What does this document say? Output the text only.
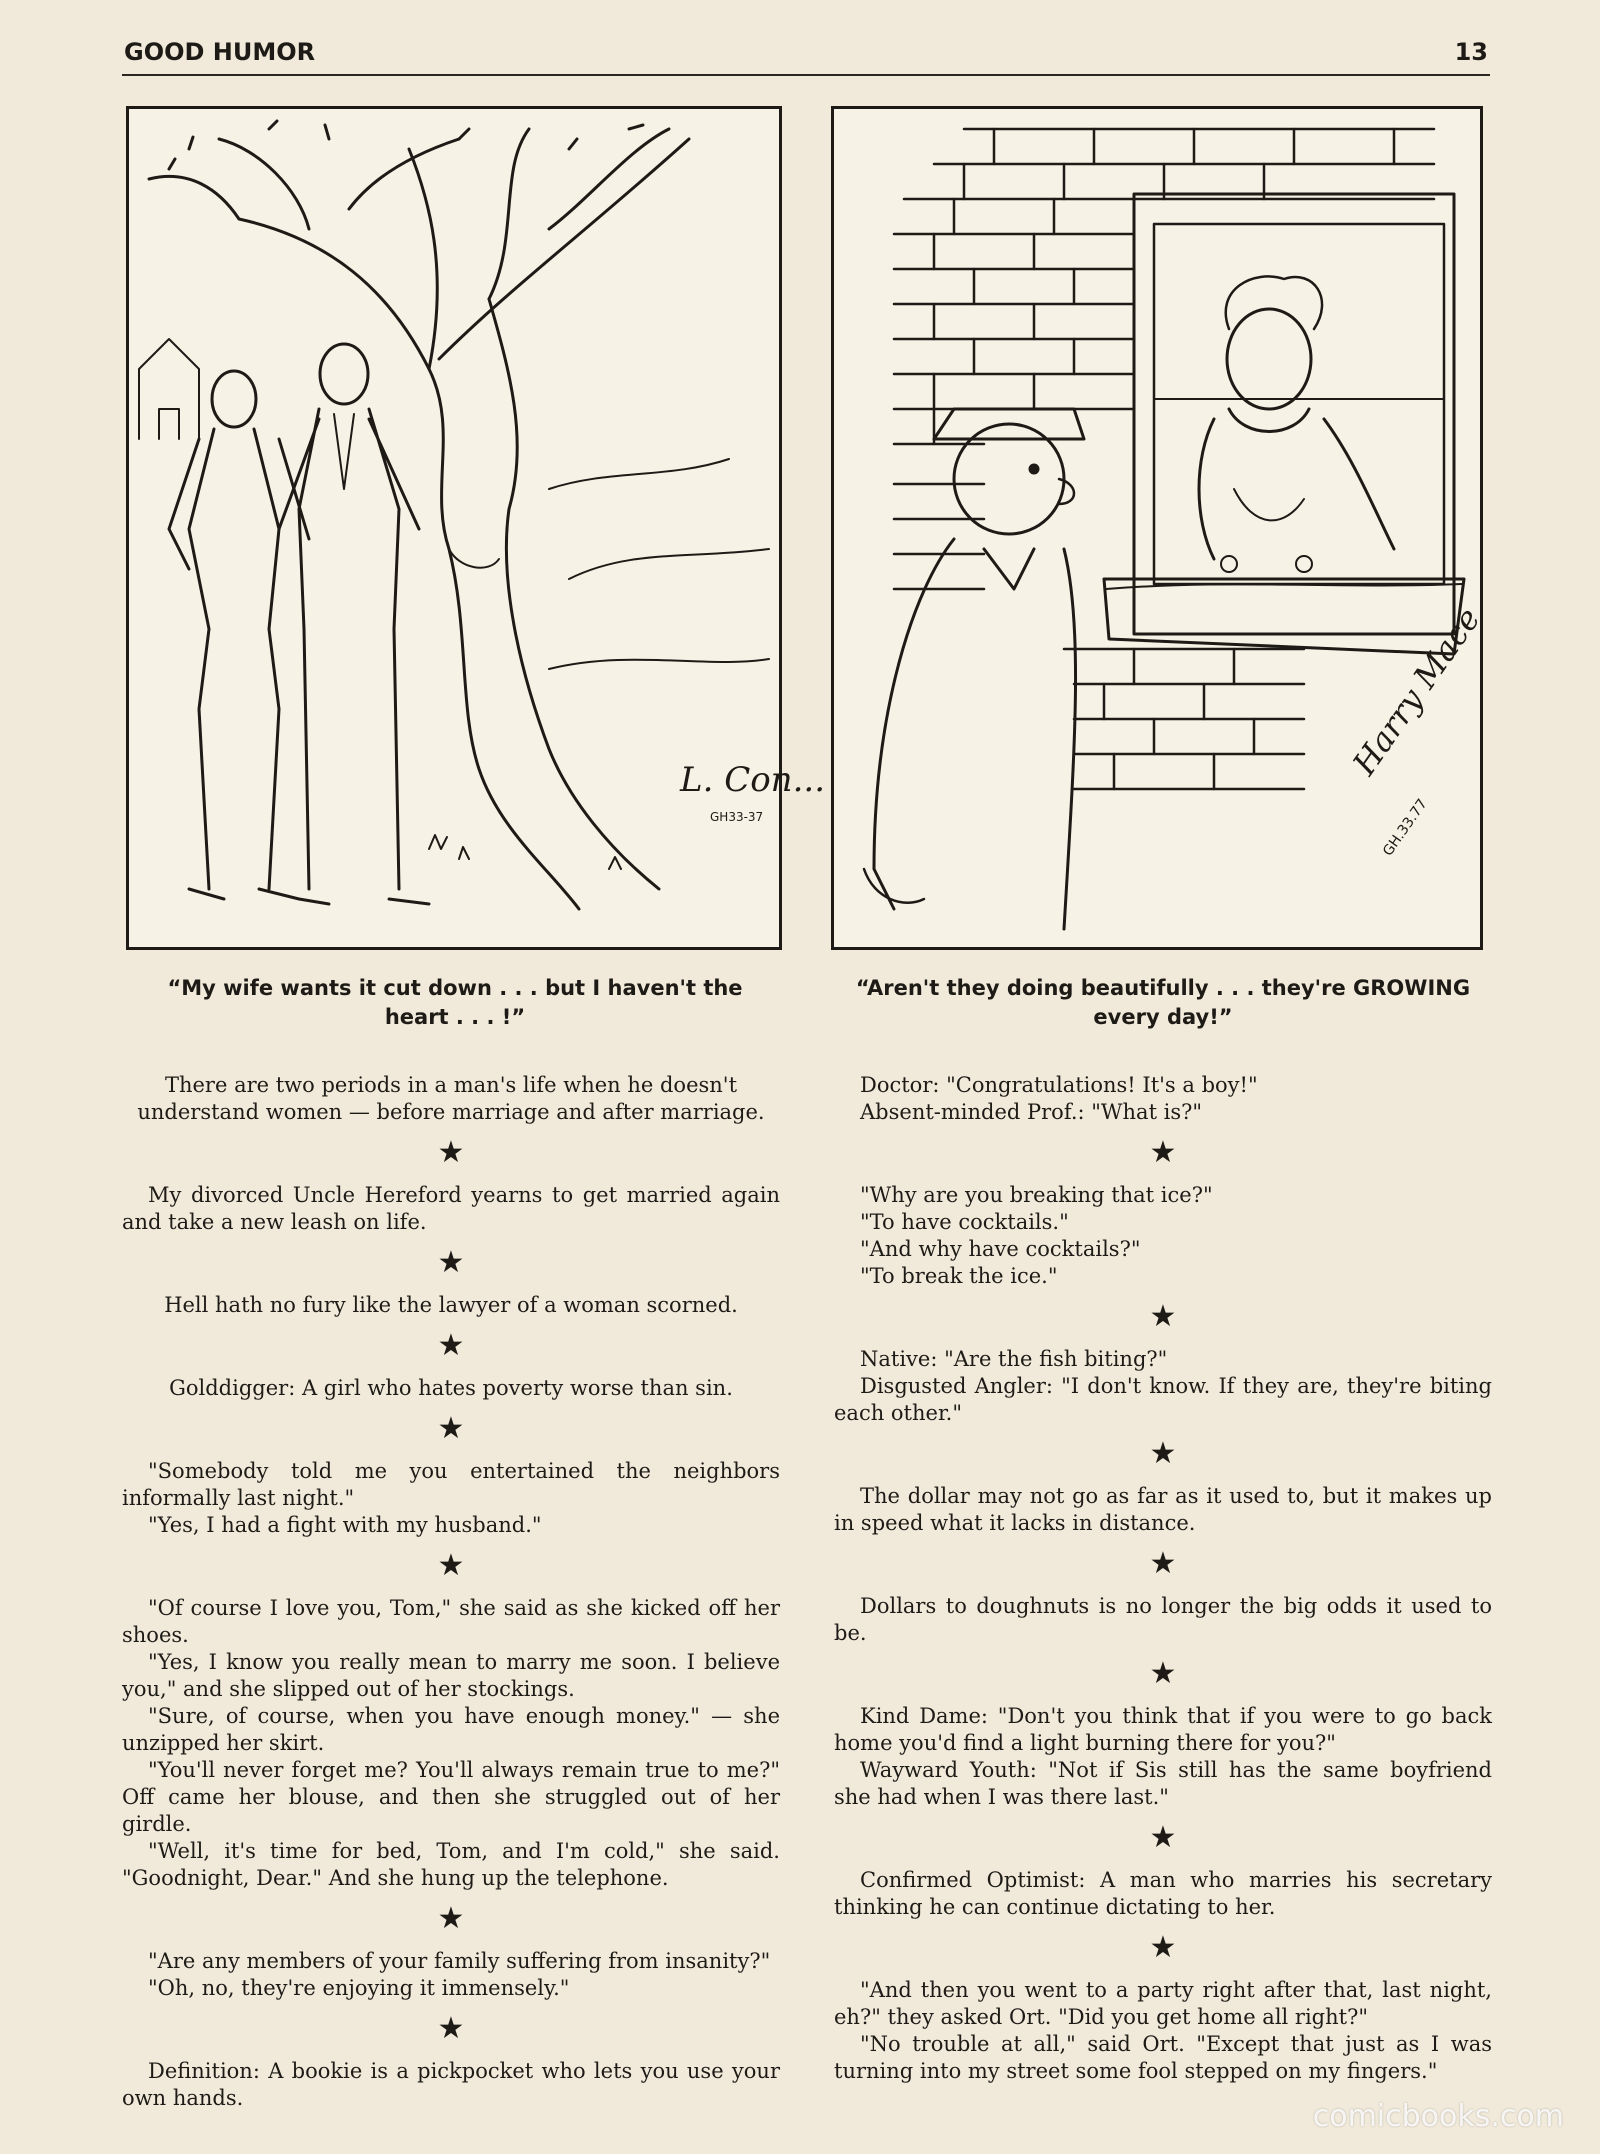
GOOD HUMOR	13
L. Con...
GH33-37
Harry Mace
GH.33.77
“My wife wants it cut down . . . but I haven't the heart . . . !”
“Aren't they doing beautifully . . . they're GROWING every day!”

There are two periods in a man's life when he doesn't understand women — before marriage and after marriage.

★

My divorced Uncle Hereford yearns to get married again and take a new leash on life.

★

Hell hath no fury like the lawyer of a woman scorned.

★

Golddigger: A girl who hates poverty worse than sin.

★

"Somebody told me you entertained the neighbors informally last night."

"Yes, I had a fight with my husband."

★

"Of course I love you, Tom," she said as she kicked off her shoes.

"Yes, I know you really mean to marry me soon. I believe you," and she slipped out of her stockings.

"Sure, of course, when you have enough money." — she unzipped her skirt.

"You'll never forget me? You'll always remain true to me?" Off came her blouse, and then she struggled out of her girdle.

"Well, it's time for bed, Tom, and I'm cold," she said. "Goodnight, Dear." And she hung up the telephone.

★

"Are any members of your family suffering from insanity?"

"Oh, no, they're enjoying it immensely."

★

Definition: A bookie is a pickpocket who lets you use your own hands.

Doctor: "Congratulations! It's a boy!"

Absent-minded Prof.: "What is?"

★

"Why are you breaking that ice?"

"To have cocktails."

"And why have cocktails?"

"To break the ice."

★

Native: "Are the fish biting?"

Disgusted Angler: "I don't know. If they are, they're biting each other."

★

The dollar may not go as far as it used to, but it makes up in speed what it lacks in distance.

★

Dollars to doughnuts is no longer the big odds it used to be.

★

Kind Dame: "Don't you think that if you were to go back home you'd find a light burning there for you?"

Wayward Youth: "Not if Sis still has the same boyfriend she had when I was there last."

★

Confirmed Optimist: A man who marries his secretary thinking he can continue dictating to her.

★

"And then you went to a party right after that, last night, eh?" they asked Ort. "Did you get home all right?"

"No trouble at all," said Ort. "Except that just as I was turning into my street some fool stepped on my fingers."

comicbooks.com
